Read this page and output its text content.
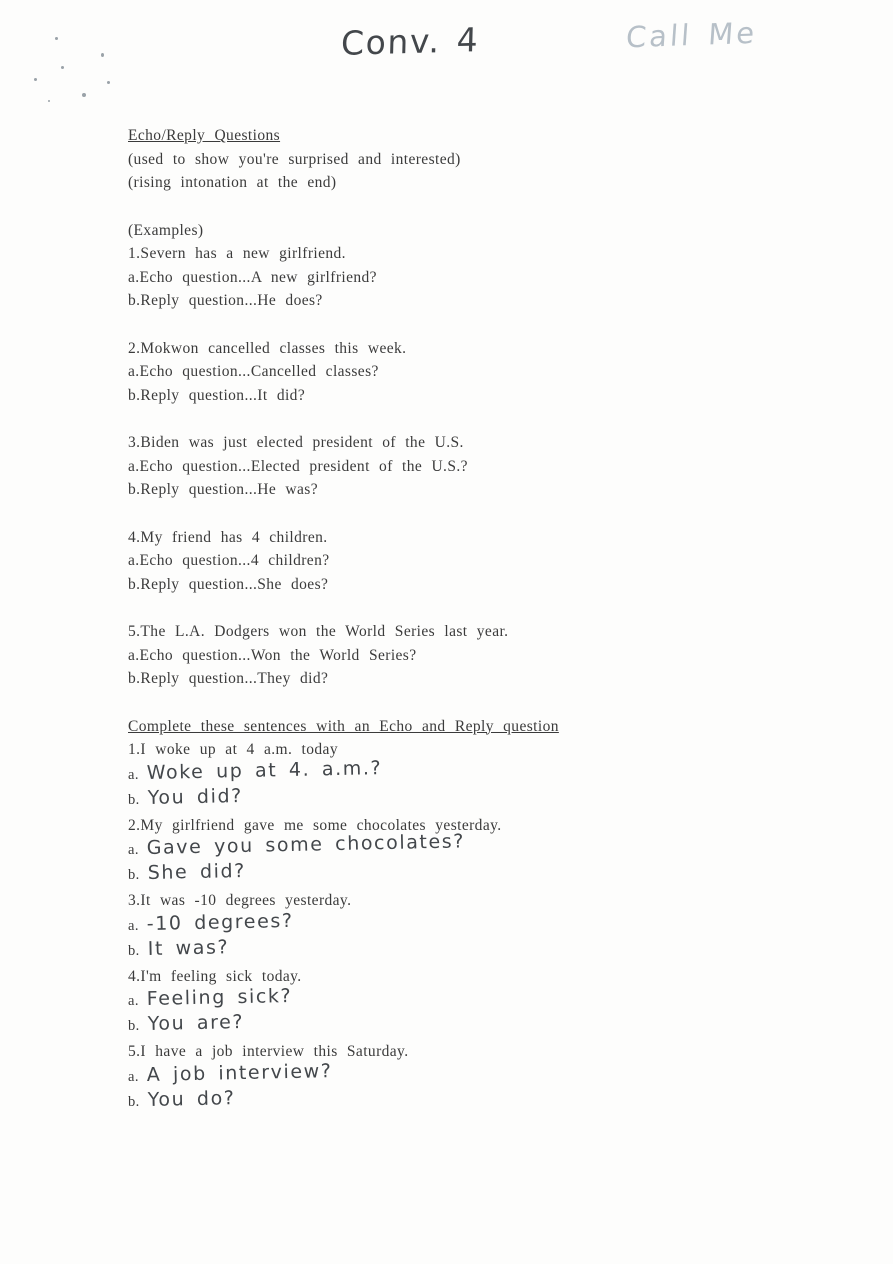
Conv. 4	Call Me
Echo/Reply Questions
(used to show you're surprised and interested)
(rising intonation at the end)
(Examples)
1.Severn has a new girlfriend.
a.Echo question...A new girlfriend?
b.Reply question...He does?
2.Mokwon cancelled classes this week.
a.Echo question...Cancelled classes?
b.Reply question...It did?
3.Biden was just elected president of the U.S.
a.Echo question...Elected president of the U.S.?
b.Reply question...He was?
4.My friend has 4 children.
a.Echo question...4 children?
b.Reply question...She does?
5.The L.A. Dodgers won the World Series last year.
a.Echo question...Won the World Series?
b.Reply question...They did?
Complete these sentences with an Echo and Reply question
1.I woke up at 4 a.m. today
a. Woke up at 4. a.m.?
b. You did?
2.My girlfriend gave me some chocolates yesterday.
a. Gave you some chocolates?
b. She did?
3.It was -10 degrees yesterday.
a. -10 degrees?
b. It was?
4.I'm feeling sick today.
a. Feeling sick?
b. You are?
5.I have a job interview this Saturday.
a. A job interview?
b. You do?
